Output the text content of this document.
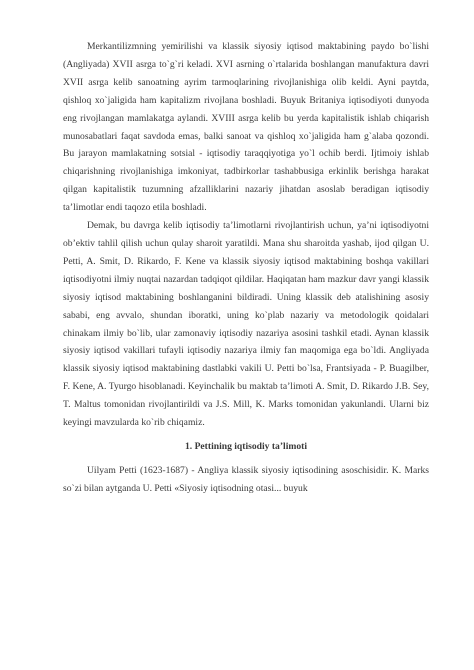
Merkantilizmning yemirilishi va klassik siyosiy iqtisod maktabining paydo bo`lishi (Angliyada) XVII asrga to`g`ri keladi. XVI asrning o`rtalarida boshlangan manufaktura davri XVII asrga kelib sanoatning ayrim tarmoqlarining rivojlanishiga olib keldi. Ayni paytda, qishloq xo`jaligida ham kapitalizm rivojlana boshladi. Buyuk Britaniya iqtisodiyoti dunyoda eng rivojlangan mamlakatga aylandi. XVIII asrga kelib bu yerda kapitalistik ishlab chiqarish munosabatlari faqat savdoda emas, balki sanoat va qishloq xo`jaligida ham g`alaba qozondi. Bu jarayon mamlakatning sotsial - iqtisodiy taraqqiyotiga yo`l ochib berdi. Ijtimoiy ishlab chiqarishning rivojlanishiga imkoniyat, tadbirkorlar tashabbusiga erkinlik berishga harakat qilgan kapitalistik tuzumning afzalliklarini nazariy jihatdan asoslab beradigan iqtisodiy ta’limotlar endi taqozo etila boshladi.

Demak, bu davrga kelib iqtisodiy ta’limotlarni rivojlantirish uchun, ya’ni iqtisodiyotni ob’ektiv tahlil qilish uchun qulay sharoit yaratildi. Mana shu sharoitda yashab, ijod qilgan U. Petti, A. Smit, D. Rikardo, F. Kene va klassik siyosiy iqtisod maktabining boshqa vakillari iqtisodiyotni ilmiy nuqtai nazardan tadqiqot qildilar. Haqiqatan ham mazkur davr yangi klassik siyosiy iqtisod maktabining boshlanganini bildiradi. Uning klassik deb atalishining asosiy sababi, eng avvalo, shundan iboratki, uning ko`plab nazariy va metodologik qoidalari chinakam ilmiy bo`lib, ular zamonaviy iqtisodiy nazariya asosini tashkil etadi. Aynan klassik siyosiy iqtisod vakillari tufayli iqtisodiy nazariya ilmiy fan maqomiga ega bo`ldi. Angliyada klassik siyosiy iqtisod maktabining dastlabki vakili U. Petti bo`lsa, Frantsiyada - P. Buagilber, F. Kene, A. Tyurgo hisoblanadi. Keyinchalik bu maktab ta’limoti A. Smit, D. Rikardo J.B. Sey, T. Maltus tomonidan rivojlantirildi va J.S. Mill, K. Marks tomonidan yakunlandi. Ularni biz keyingi mavzularda ko`rib chiqamiz.

1. Pettining iqtisodiy ta’limoti

Uilyam Petti (1623-1687) - Angliya klassik siyosiy iqtisodining asoschisidir. K. Marks so`zi bilan aytganda U. Petti «Siyosiy iqtisodning otasi... buyuk
